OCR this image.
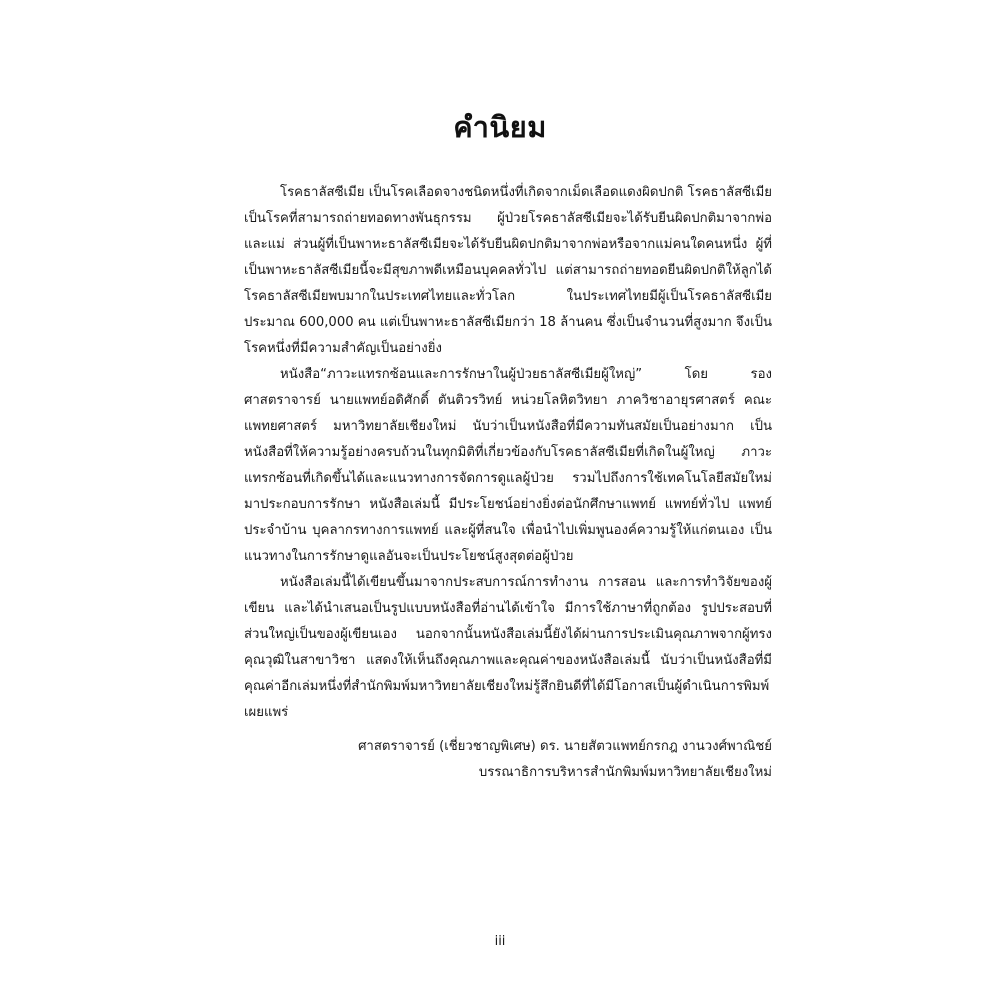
คำนิยม

โรคธาลัสซีเมีย เป็นโรคเลือดจางชนิดหนึ่งที่เกิดจากเม็ดเลือดแดงผิดปกติ โรคธาลัสซีเมียเป็นโรคที่สามารถถ่ายทอดทางพันธุกรรม ผู้ป่วยโรคธาลัสซีเมียจะได้รับยีนผิดปกติมาจากพ่อและแม่ ส่วนผู้ที่เป็นพาหะธาลัสซีเมียจะได้รับยีนผิดปกติมาจากพ่อหรือจากแม่คนใดคนหนึ่ง ผู้ที่เป็นพาหะธาลัสซีเมียนี้จะมีสุขภาพดีเหมือนบุคคลทั่วไป แต่สามารถถ่ายทอดยีนผิดปกติให้ลูกได้ โรคธาลัสซีเมียพบมากในประเทศไทยและทั่วโลก ในประเทศไทยมีผู้เป็นโรคธาลัสซีเมีย ประมาณ 600,000 คน แต่เป็นพาหะธาลัสซีเมียกว่า 18 ล้านคน ซึ่งเป็นจำนวนที่สูงมาก จึงเป็นโรคหนึ่งที่มีความสำคัญเป็นอย่างยิ่ง

หนังสือ“ภาวะแทรกซ้อนและการรักษาในผู้ป่วยธาลัสซีเมียผู้ใหญ่” โดย รองศาสตราจารย์ นายแพทย์อดิศักดิ์ ตันติวรวิทย์ หน่วยโลหิตวิทยา ภาควิชาอายุรศาสตร์ คณะแพทยศาสตร์ มหาวิทยาลัยเชียงใหม่ นับว่าเป็นหนังสือที่มีความทันสมัยเป็นอย่างมาก เป็นหนังสือที่ให้ความรู้อย่างครบถ้วนในทุกมิติที่เกี่ยวข้องกับโรคธาลัสซีเมียที่เกิดในผู้ใหญ่ ภาวะแทรกซ้อนที่เกิดขึ้นได้และแนวทางการจัดการดูแลผู้ป่วย รวมไปถึงการใช้เทคโนโลยีสมัยใหม่มาประกอบการรักษา หนังสือเล่มนี้ มีประโยชน์อย่างยิ่งต่อนักศึกษาแพทย์ แพทย์ทั่วไป แพทย์ประจำบ้าน บุคลากรทางการแพทย์ และผู้ที่สนใจ เพื่อนำไปเพิ่มพูนองค์ความรู้ให้แก่ตนเอง เป็นแนวทางในการรักษาดูแลอันจะเป็นประโยชน์สูงสุดต่อผู้ป่วย

หนังสือเล่มนี้ได้เขียนขึ้นมาจากประสบการณ์การทำงาน การสอน และการทำวิจัยของผู้เขียน และได้นำเสนอเป็นรูปแบบหนังสือที่อ่านได้เข้าใจ มีการใช้ภาษาที่ถูกต้อง รูปประสอบที่ส่วนใหญ่เป็นของผู้เขียนเอง นอกจากนั้นหนังสือเล่มนี้ยังได้ผ่านการประเมินคุณภาพจากผู้ทรงคุณวุฒิในสาขาวิชา แสดงให้เห็นถึงคุณภาพและคุณค่าของหนังสือเล่มนี้ นับว่าเป็นหนังสือที่มีคุณค่าอีกเล่มหนึ่งที่สำนักพิมพ์มหาวิทยาลัยเชียงใหม่รู้สึกยินดีที่ได้มีโอกาสเป็นผู้ดำเนินการพิมพ์เผยแพร่

ศาสตราจารย์ (เชี่ยวชาญพิเศษ) ดร. นายสัตวแพทย์กรกฎ งานวงศ์พาณิชย์
บรรณาธิการบริหารสำนักพิมพ์มหาวิทยาลัยเชียงใหม่
iii
